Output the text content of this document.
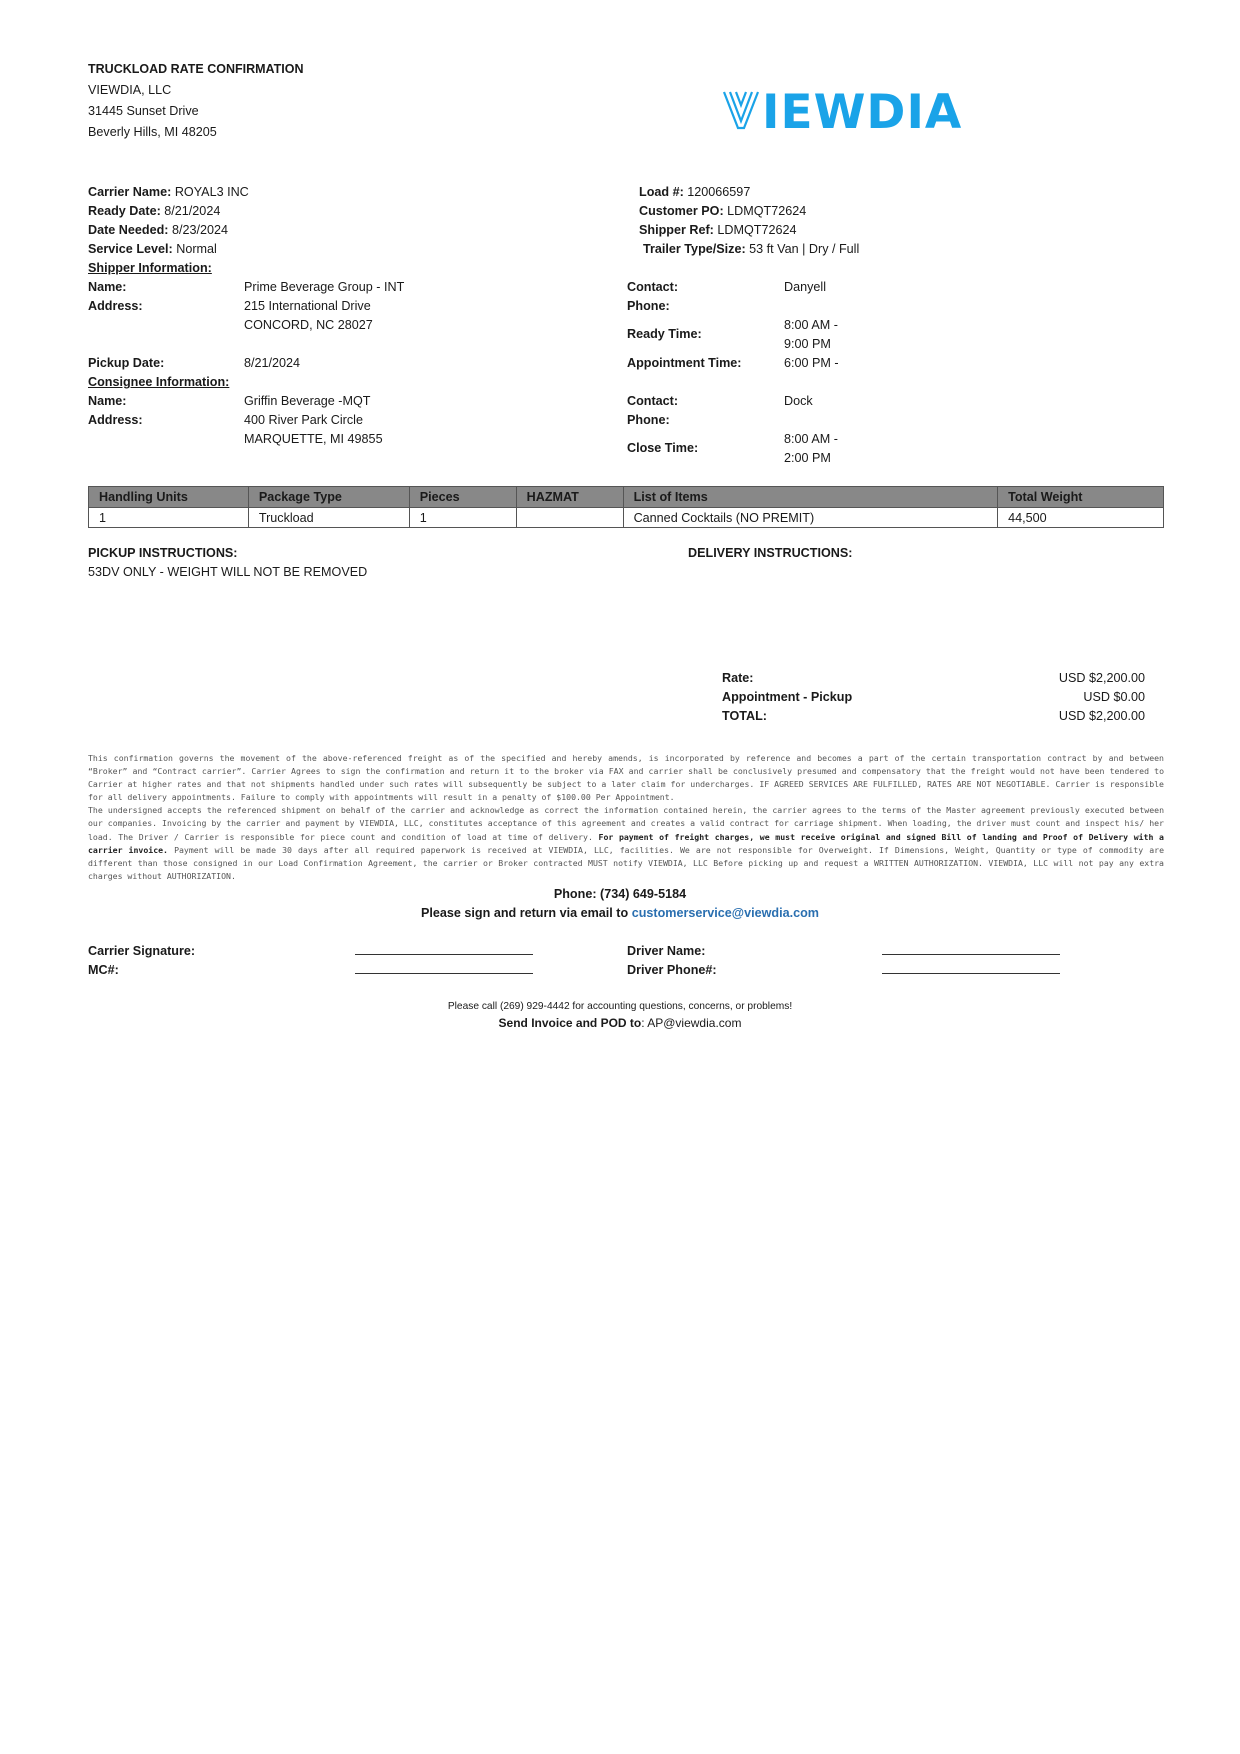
TRUCKLOAD RATE CONFIRMATION
VIEWDIA, LLC
31445 Sunset Drive
Beverly Hills, MI 48205	IEWDIA
Carrier Name: ROYAL3 INC
Ready Date: 8/21/2024
Date Needed: 8/23/2024
Service Level: Normal
Load #: 120066597
Customer PO: LDMQT72624
Shipper Ref: LDMQT72624
Trailer Type/Size: 53 ft Van | Dry / Full
Shipper Information:
Name:	Prime Beverage Group - INT
Address:	215 International Drive
CONCORD, NC 28027
Contact:	Danyell
Phone:
Ready Time:
8:00 AM -
9:00 PM
Pickup Date:	8/21/2024	Appointment Time:	6:00 PM -
Consignee Information:
Name:	Griffin Beverage -MQT
Address:	400 River Park Circle
MARQUETTE, MI 49855
Contact:	Dock
Phone:
Close Time:
8:00 AM -
2:00 PM
Handling Units	Package Type	Pieces	HAZMAT	List of Items	Total Weight
1	Truckload	1		Canned Cocktails (NO PREMIT)	44,500
PICKUP INSTRUCTIONS:
53DV ONLY - WEIGHT WILL NOT BE REMOVED
DELIVERY INSTRUCTIONS:
Rate:	USD $2,200.00
Appointment - Pickup	USD $0.00
TOTAL:	USD $2,200.00

This confirmation governs the movement of the above-referenced freight as of the specified and hereby amends, is incorporated by reference and becomes a part of the certain transportation contract by and between “Broker” and “Contract carrier”. Carrier Agrees to sign the confirmation and return it to the broker via FAX and carrier shall be conclusively presumed and compensatory that the freight would not have been tendered to Carrier at higher rates and that not shipments handled under such rates will subsequently be subject to a later claim for undercharges. IF AGREED SERVICES ARE FULFILLED, RATES ARE NOT NEGOTIABLE. Carrier is responsible for all delivery appointments. Failure to comply with appointments will result in a penalty of $100.00 Per Appointment.

The undersigned accepts the referenced shipment on behalf of the carrier and acknowledge as correct the information contained herein, the carrier agrees to the terms of the Master agreement previously executed between our companies. Invoicing by the carrier and payment by VIEWDIA, LLC, constitutes acceptance of this agreement and creates a valid contract for carriage shipment. When loading, the driver must count and inspect his/ her load. The Driver / Carrier is responsible for piece count and condition of load at time of delivery. For payment of freight charges, we must receive original and signed Bill of landing and Proof of Delivery with a carrier invoice. Payment will be made 30 days after all required paperwork is received at VIEWDIA, LLC, facilities. We are not responsible for Overweight. If Dimensions, Weight, Quantity or type of commodity are different than those consigned in our Load Confirmation Agreement, the carrier or Broker contracted MUST notify VIEWDIA, LLC Before picking up and request a WRITTEN AUTHORIZATION. VIEWDIA, LLC will not pay any extra charges without AUTHORIZATION.

Phone: (734) 649-5184
Please sign and return via email to customerservice@viewdia.com
Carrier Signature:
MC#:
Driver Name:
Driver Phone#:
Please call (269) 929-4442 for accounting questions, concerns, or problems!
Send Invoice and POD to: AP@viewdia.com
